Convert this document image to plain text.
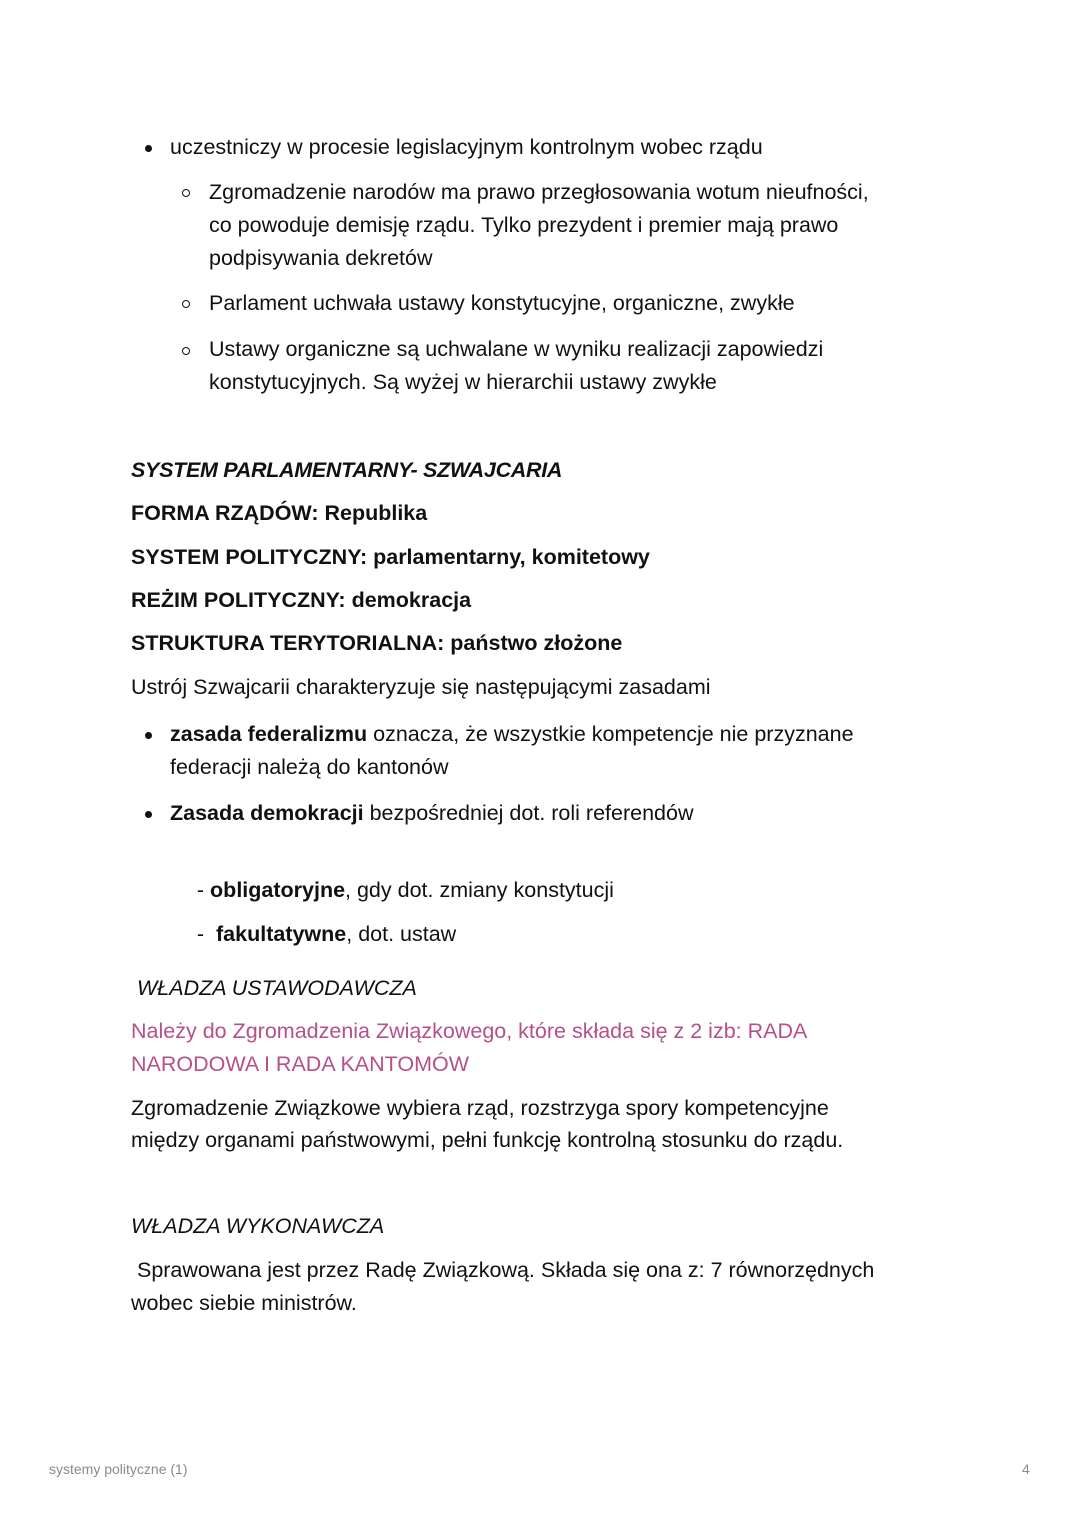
uczestniczy w procesie legislacyjnym kontrolnym wobec rządu
Zgromadzenie narodów ma prawo przegłosowania wotum nieufności,
co powoduje demisję rządu. Tylko prezydent i premier mają prawo
podpisywania dekretów
Parlament uchwała ustawy konstytucyjne, organiczne, zwykłe
Ustawy organiczne są uchwalane w wyniku realizacji zapowiedzi
konstytucyjnych. Są wyżej w hierarchii ustawy zwykłe
SYSTEM PARLAMENTARNY- SZWAJCARIA
FORMA RZĄDÓW: Republika
SYSTEM POLITYCZNY: parlamentarny, komitetowy
REŻIM POLITYCZNY: demokracja
STRUKTURA TERYTORIALNA: państwo złożone
Ustrój Szwajcarii charakteryzuje się następującymi zasadami
zasada federalizmu oznacza, że wszystkie kompetencje nie przyznane
federacji należą do kantonów
Zasada demokracji bezpośredniej dot. roli referendów

- obligatoryjne, gdy dot. zmiany konstytucji

-  fakultatywne, dot. ustaw

WŁADZA USTAWODAWCZA
Należy do Zgromadzenia Związkowego, które składa się z 2 izb: RADA
NARODOWA I RADA KANTOMÓW
Zgromadzenie Związkowe wybiera rząd, rozstrzyga spory kompetencyjne
między organami państwowymi, pełni funkcję kontrolną stosunku do rządu.
WŁADZA WYKONAWCZA
Sprawowana jest przez Radę Związkową. Składa się ona z: 7 równorzędnych
wobec siebie ministrów.
systemy polityczne (1)	4
